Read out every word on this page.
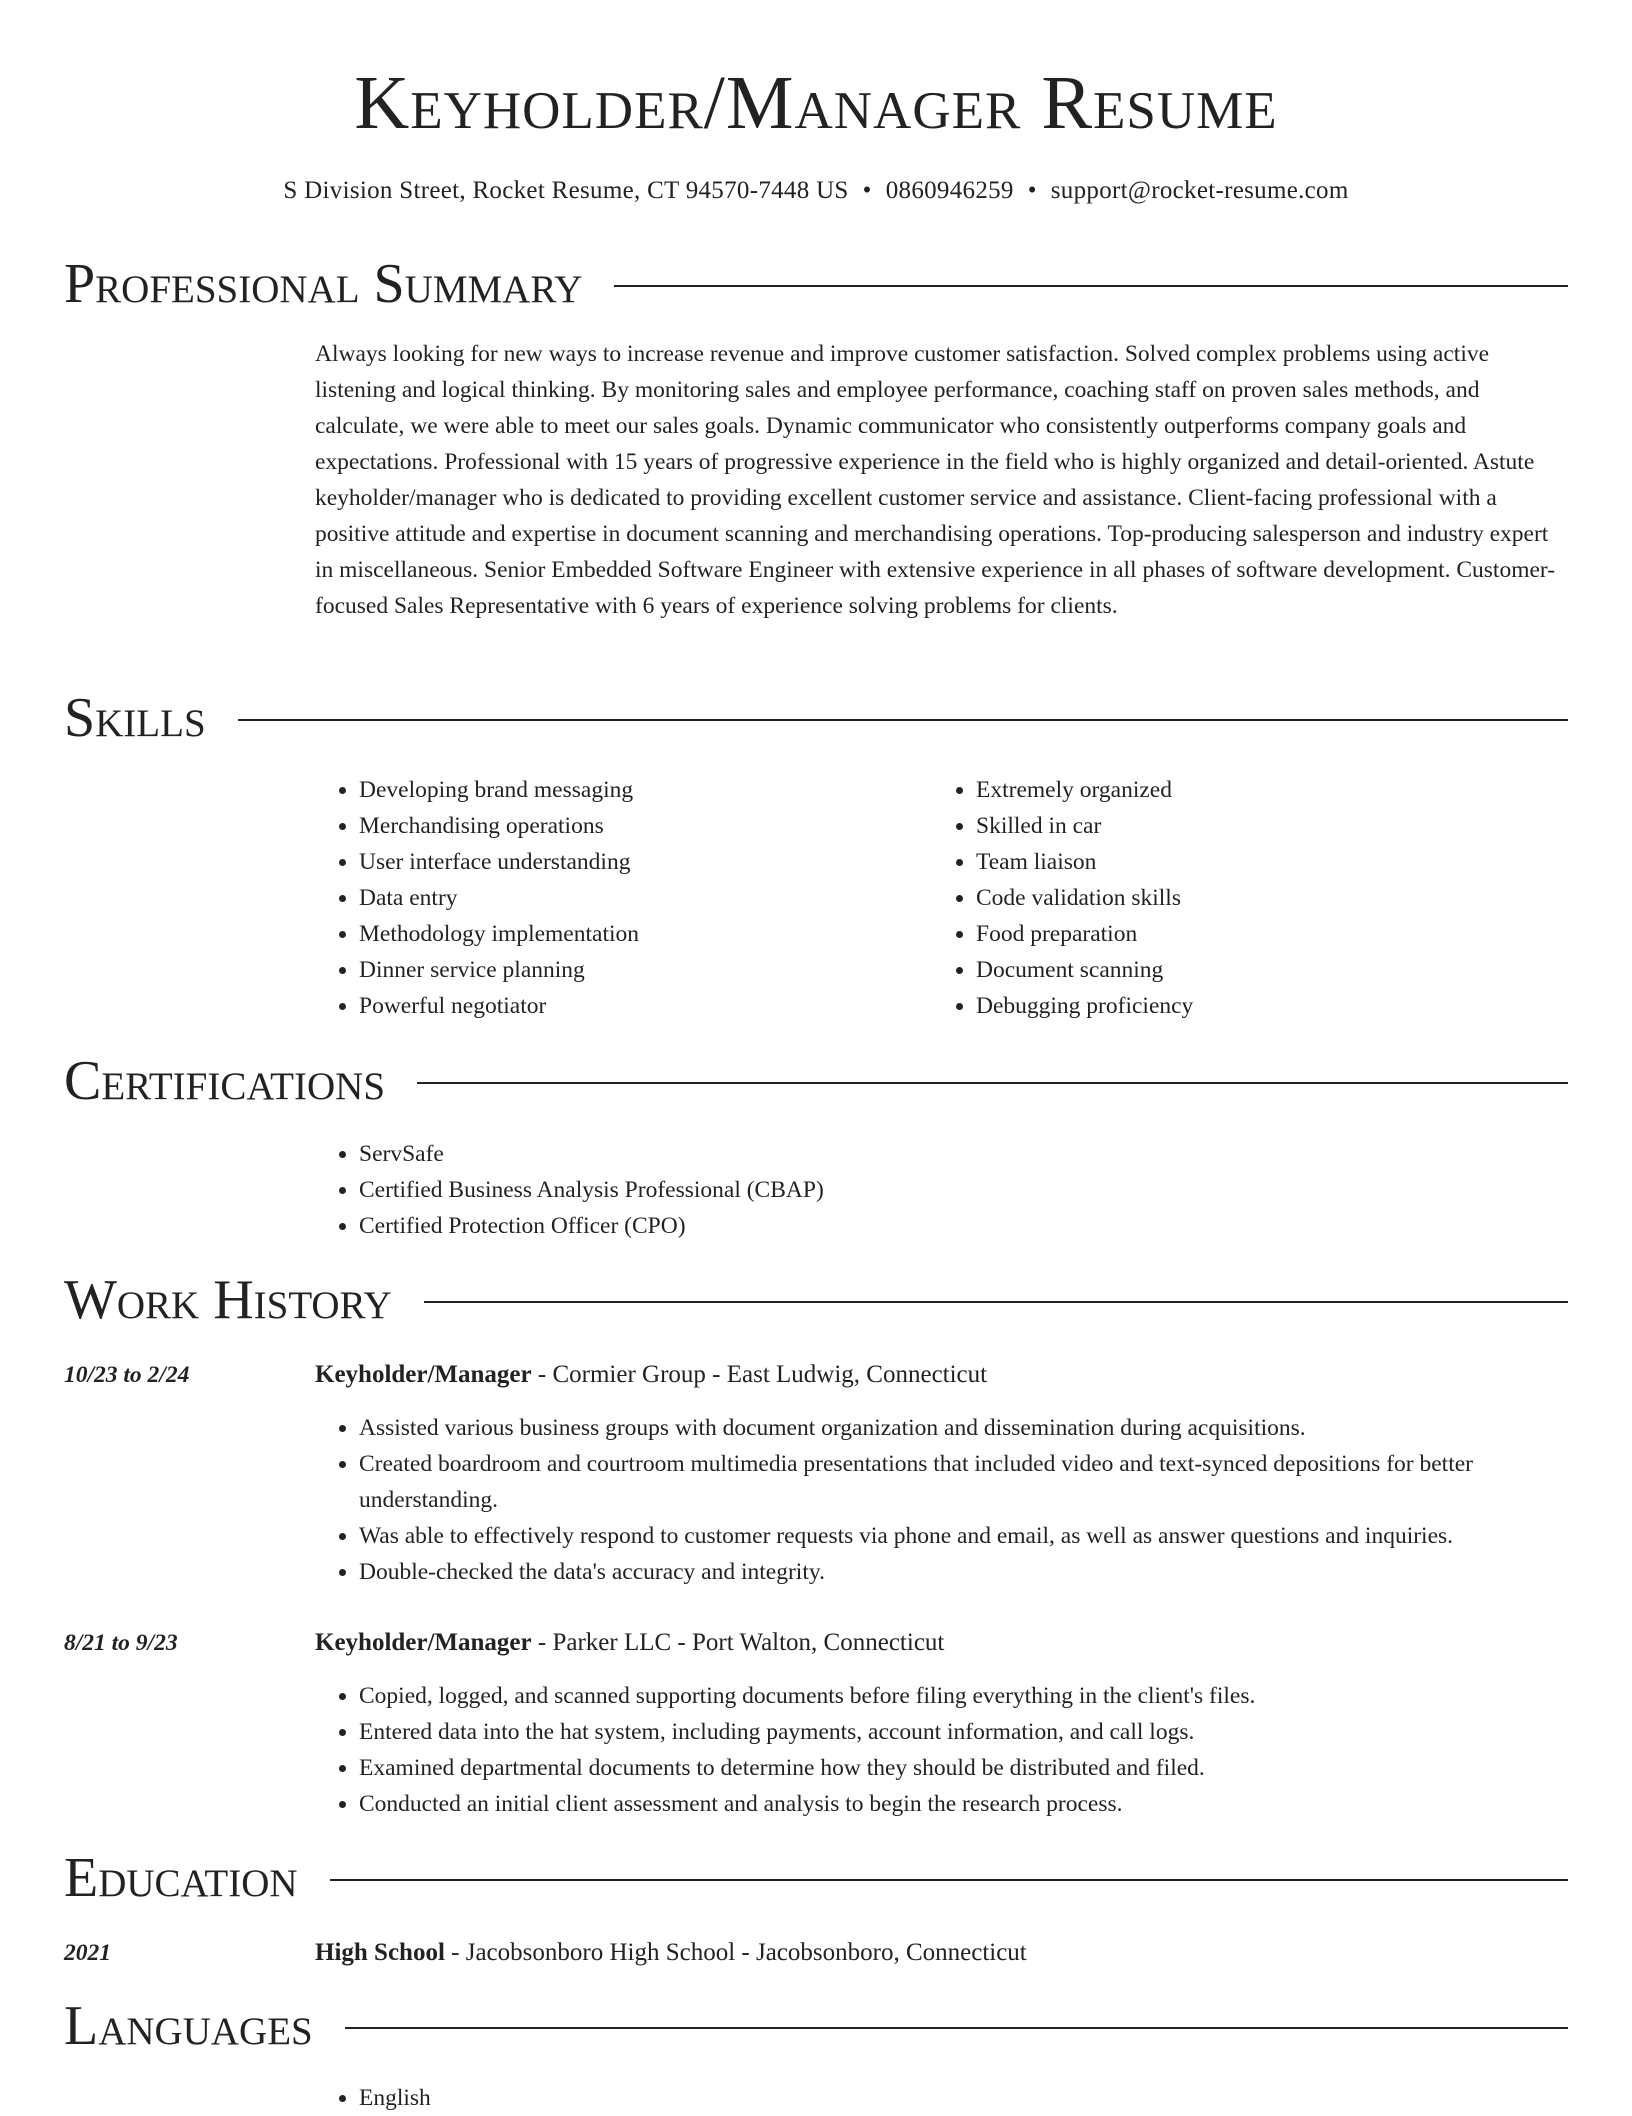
Keyholder/Manager Resume
S Division Street, Rocket Resume, CT 94570-7448 US • 0860946259 • support@rocket-resume.com
Professional Summary
Always looking for new ways to increase revenue and improve customer satisfaction. Solved complex problems using active listening and logical thinking. By monitoring sales and employee performance, coaching staff on proven sales methods, and calculate, we were able to meet our sales goals. Dynamic communicator who consistently outperforms company goals and expectations. Professional with 15 years of progressive experience in the field who is highly organized and detail-oriented. Astute keyholder/manager who is dedicated to providing excellent customer service and assistance. Client-facing professional with a positive attitude and expertise in document scanning and merchandising operations. Top-producing salesperson and industry expert in miscellaneous. Senior Embedded Software Engineer with extensive experience in all phases of software development. Customer-focused Sales Representative with 6 years of experience solving problems for clients.
Skills
• Developing brand messaging
• Merchandising operations
• User interface understanding
• Data entry
• Methodology implementation
• Dinner service planning
• Powerful negotiator
• Extremely organized
• Skilled in car
• Team liaison
• Code validation skills
• Food preparation
• Document scanning
• Debugging proficiency
Certifications
• ServSafe
• Certified Business Analysis Professional (CBAP)
• Certified Protection Officer (CPO)
Work History
10/23 to 2/24	Keyholder/Manager - Cormier Group - East Ludwig, Connecticut
• Assisted various business groups with document organization and dissemination during acquisitions.
• Created boardroom and courtroom multimedia presentations that included video and text-synced depositions for better understanding.
• Was able to effectively respond to customer requests via phone and email, as well as answer questions and inquiries.
• Double-checked the data's accuracy and integrity.
8/21 to 9/23	Keyholder/Manager - Parker LLC - Port Walton, Connecticut
• Copied, logged, and scanned supporting documents before filing everything in the client's files.
• Entered data into the hat system, including payments, account information, and call logs.
• Examined departmental documents to determine how they should be distributed and filed.
• Conducted an initial client assessment and analysis to begin the research process.
Education
2021	High School - Jacobsonboro High School - Jacobsonboro, Connecticut
Languages
• English
